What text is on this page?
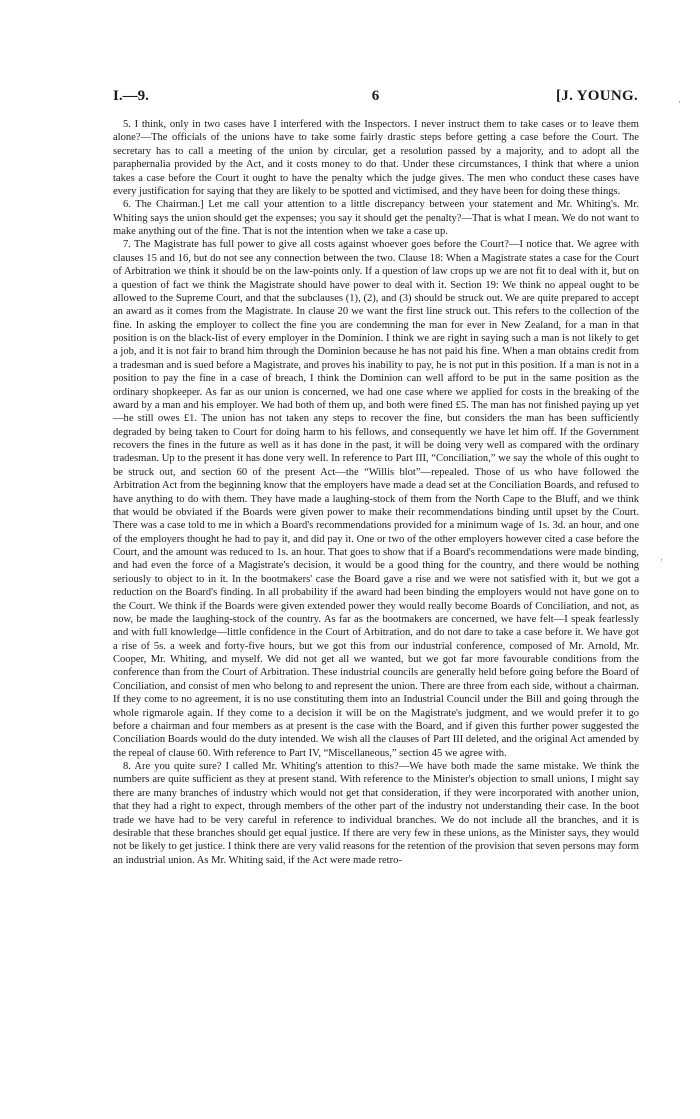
I.—9.	6	[J. YOUNG.

5. I think, only in two cases have I interfered with the Inspectors. I never instruct them to take cases or to leave them alone?—The officials of the unions have to take some fairly drastic steps before getting a case before the Court. The secretary has to call a meeting of the union by circular, get a resolution passed by a majority, and to adopt all the paraphernalia provided by the Act, and it costs money to do that. Under these circumstances, I think that where a union takes a case before the Court it ought to have the penalty which the judge gives. The men who conduct these cases have every justification for saying that they are likely to be spotted and victimised, and they have been for doing these things.

6. The Chairman.] Let me call your attention to a little discrepancy between your statement and Mr. Whiting's. Mr. Whiting says the union should get the expenses; you say it should get the penalty?—That is what I mean. We do not want to make anything out of the fine. That is not the intention when we take a case up.

7. The Magistrate has full power to give all costs against whoever goes before the Court?—I notice that. We agree with clauses 15 and 16, but do not see any connection between the two. Clause 18: When a Magistrate states a case for the Court of Arbitration we think it should be on the law-points only. If a question of law crops up we are not fit to deal with it, but on a question of fact we think the Magistrate should have power to deal with it. Section 19: We think no appeal ought to be allowed to the Supreme Court, and that the subclauses (1), (2), and (3) should be struck out. We are quite prepared to accept an award as it comes from the Magistrate. In clause 20 we want the first line struck out. This refers to the collection of the fine. In asking the employer to collect the fine you are condemning the man for ever in New Zealand, for a man in that position is on the black-list of every employer in the Dominion. I think we are right in saying such a man is not likely to get a job, and it is not fair to brand him through the Dominion because he has not paid his fine. When a man obtains credit from a tradesman and is sued before a Magistrate, and proves his inability to pay, he is not put in this position. If a man is not in a position to pay the fine in a case of breach, I think the Dominion can well afford to be put in the same position as the ordinary shopkeeper. As far as our union is concerned, we had one case where we applied for costs in the breaking of the award by a man and his employer. We had both of them up, and both were fined £5. The man has not finished paying up yet—he still owes £1. The union has not taken any steps to recover the fine, but considers the man has been sufficiently degraded by being taken to Court for doing harm to his fellows, and consequently we have let him off. If the Government recovers the fines in the future as well as it has done in the past, it will be doing very well as compared with the ordinary tradesman. Up to the present it has done very well. In reference to Part III, “Conciliation,” we say the whole of this ought to be struck out, and section 60 of the present Act—the “Willis blot”—repealed. Those of us who have followed the Arbitration Act from the beginning know that the employers have made a dead set at the Conciliation Boards, and refused to have anything to do with them. They have made a laughing-stock of them from the North Cape to the Bluff, and we think that would be obviated if the Boards were given power to make their recommendations binding until upset by the Court. There was a case told to me in which a Board's recommendations provided for a minimum wage of 1s. 3d. an hour, and one of the employers thought he had to pay it, and did pay it. One or two of the other employers however cited a case before the Court, and the amount was reduced to 1s. an hour. That goes to show that if a Board's recommendations were made binding, and had even the force of a Magistrate's decision, it would be a good thing for the country, and there would be nothing seriously to object to in it. In the bootmakers' case the Board gave a rise and we were not satisfied with it, but we got a reduction on the Board's finding. In all probability if the award had been binding the employers would not have gone on to the Court. We think if the Boards were given extended power they would really become Boards of Conciliation, and not, as now, be made the laughing-stock of the country. As far as the bootmakers are concerned, we have felt—I speak fearlessly and with full knowledge—little confidence in the Court of Arbitration, and do not dare to take a case before it. We have got a rise of 5s. a week and forty-five hours, but we got this from our industrial conference, composed of Mr. Arnold, Mr. Cooper, Mr. Whiting, and myself. We did not get all we wanted, but we got far more favourable conditions from the conference than from the Court of Arbitration. These industrial councils are generally held before going before the Board of Conciliation, and consist of men who belong to and represent the union. There are three from each side, without a chairman. If they come to no agreement, it is no use constituting them into an Industrial Council under the Bill and going through the whole rigmarole again. If they come to a decision it will be on the Magistrate's judgment, and we would prefer it to go before a chairman and four members as at present is the case with the Board, and if given this further power suggested the Conciliation Boards would do the duty intended. We wish all the clauses of Part III deleted, and the original Act amended by the repeal of clause 60. With reference to Part IV, “Miscellaneous,” section 45 we agree with.

8. Are you quite sure? I called Mr. Whiting's attention to this?—We have both made the same mistake. We think the numbers are quite sufficient as they at present stand. With reference to the Minister's objection to small unions, I might say there are many branches of industry which would not get that consideration, if they were incorporated with another union, that they had a right to expect, through members of the other part of the industry not understanding their case. In the boot trade we have had to be very careful in reference to individual branches. We do not include all the branches, and it is desirable that these branches should get equal justice. If there are very few in these unions, as the Minister says, they would not be likely to get justice. I think there are very valid reasons for the retention of the provision that seven persons may form an industrial union. As Mr. Whiting said, if the Act were made retro-

·
·
